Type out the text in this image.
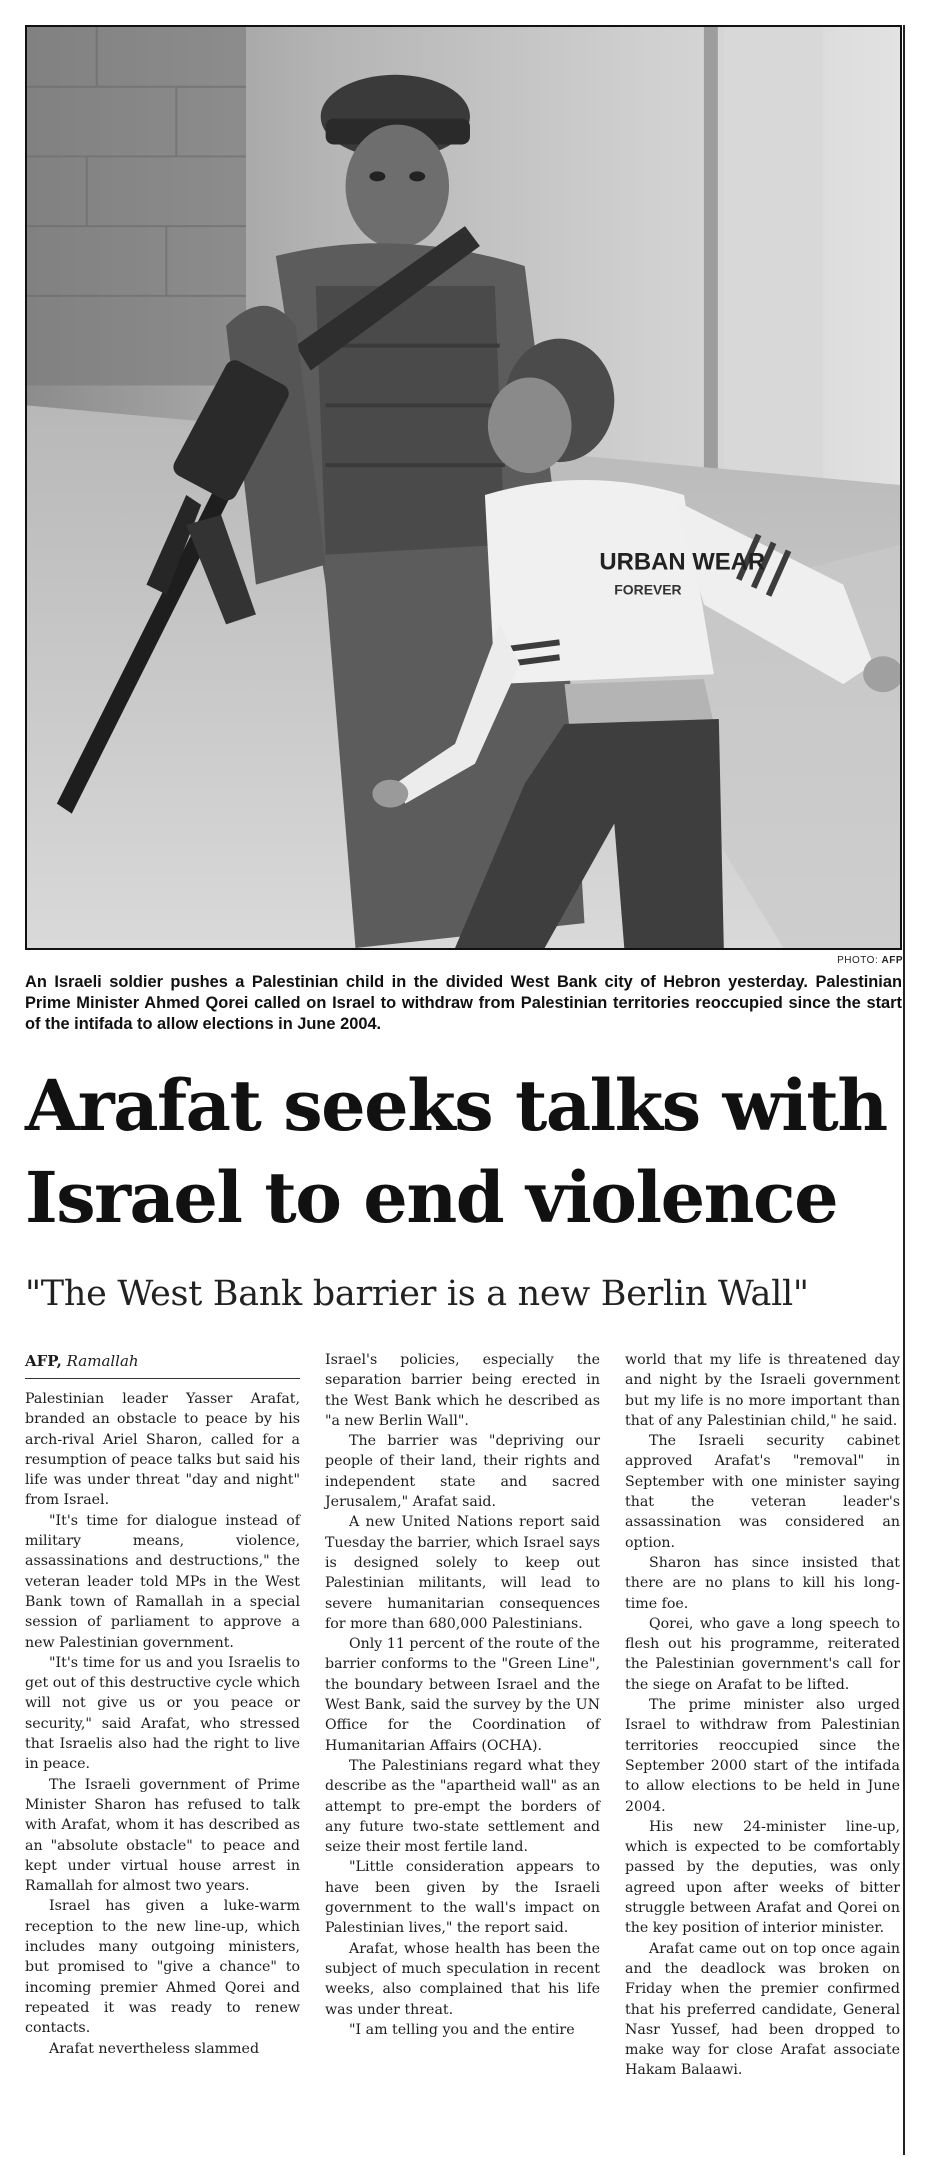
URBAN WEAR
FOREVER
PHOTO: AFP
An Israeli soldier pushes a Palestinian child in the divided West Bank city of Hebron yesterday. Palestinian Prime Minister Ahmed Qorei called on Israel to withdraw from Palestinian territories reoccupied since the start of the intifada to allow elections in June 2004.
Arafat seeks talks with Israel to end violence
"The West Bank barrier is a new Berlin Wall"
AFP, Ramallah

Palestinian leader Yasser Arafat, branded an obstacle to peace by his arch-rival Ariel Sharon, called for a resumption of peace talks but said his life was under threat "day and night" from Israel.

"It's time for dialogue instead of military means, violence, assassinations and destructions," the veteran leader told MPs in the West Bank town of Ramallah in a special session of parliament to approve a new Palestinian government.

"It's time for us and you Israelis to get out of this destructive cycle which will not give us or you peace or security," said Arafat, who stressed that Israelis also had the right to live in peace.

The Israeli government of Prime Minister Sharon has refused to talk with Arafat, whom it has described as an "absolute obstacle" to peace and kept under virtual house arrest in Ramallah for almost two years.

Israel has given a luke-warm reception to the new line-up, which includes many outgoing ministers, but promised to "give a chance" to incoming premier Ahmed Qorei and repeated it was ready to renew contacts.

Arafat nevertheless slammed

Israel's policies, especially the separation barrier being erected in the West Bank which he described as "a new Berlin Wall".

The barrier was "depriving our people of their land, their rights and independent state and sacred Jerusalem," Arafat said.

A new United Nations report said Tuesday the barrier, which Israel says is designed solely to keep out Palestinian militants, will lead to severe humanitarian consequences for more than 680,000 Palestinians.

Only 11 percent of the route of the barrier conforms to the "Green Line", the boundary between Israel and the West Bank, said the survey by the UN Office for the Coordination of Humanitarian Affairs (OCHA).

The Palestinians regard what they describe as the "apartheid wall" as an attempt to pre-empt the borders of any future two-state settlement and seize their most fertile land.

"Little consideration appears to have been given by the Israeli government to the wall's impact on Palestinian lives," the report said.

Arafat, whose health has been the subject of much speculation in recent weeks, also complained that his life was under threat.

"I am telling you and the entire

world that my life is threatened day and night by the Israeli government but my life is no more important than that of any Palestinian child," he said.

The Israeli security cabinet approved Arafat's "removal" in September with one minister saying that the veteran leader's assassination was considered an option.

Sharon has since insisted that there are no plans to kill his long-time foe.

Qorei, who gave a long speech to flesh out his programme, reiterated the Palestinian government's call for the siege on Arafat to be lifted.

The prime minister also urged Israel to withdraw from Palestinian territories reoccupied since the September 2000 start of the intifada to allow elections to be held in June 2004.

His new 24-minister line-up, which is expected to be comfortably passed by the deputies, was only agreed upon after weeks of bitter struggle between Arafat and Qorei on the key position of interior minister.

Arafat came out on top once again and the deadlock was broken on Friday when the premier confirmed that his preferred candidate, General Nasr Yussef, had been dropped to make way for close Arafat associate Hakam Balaawi.
